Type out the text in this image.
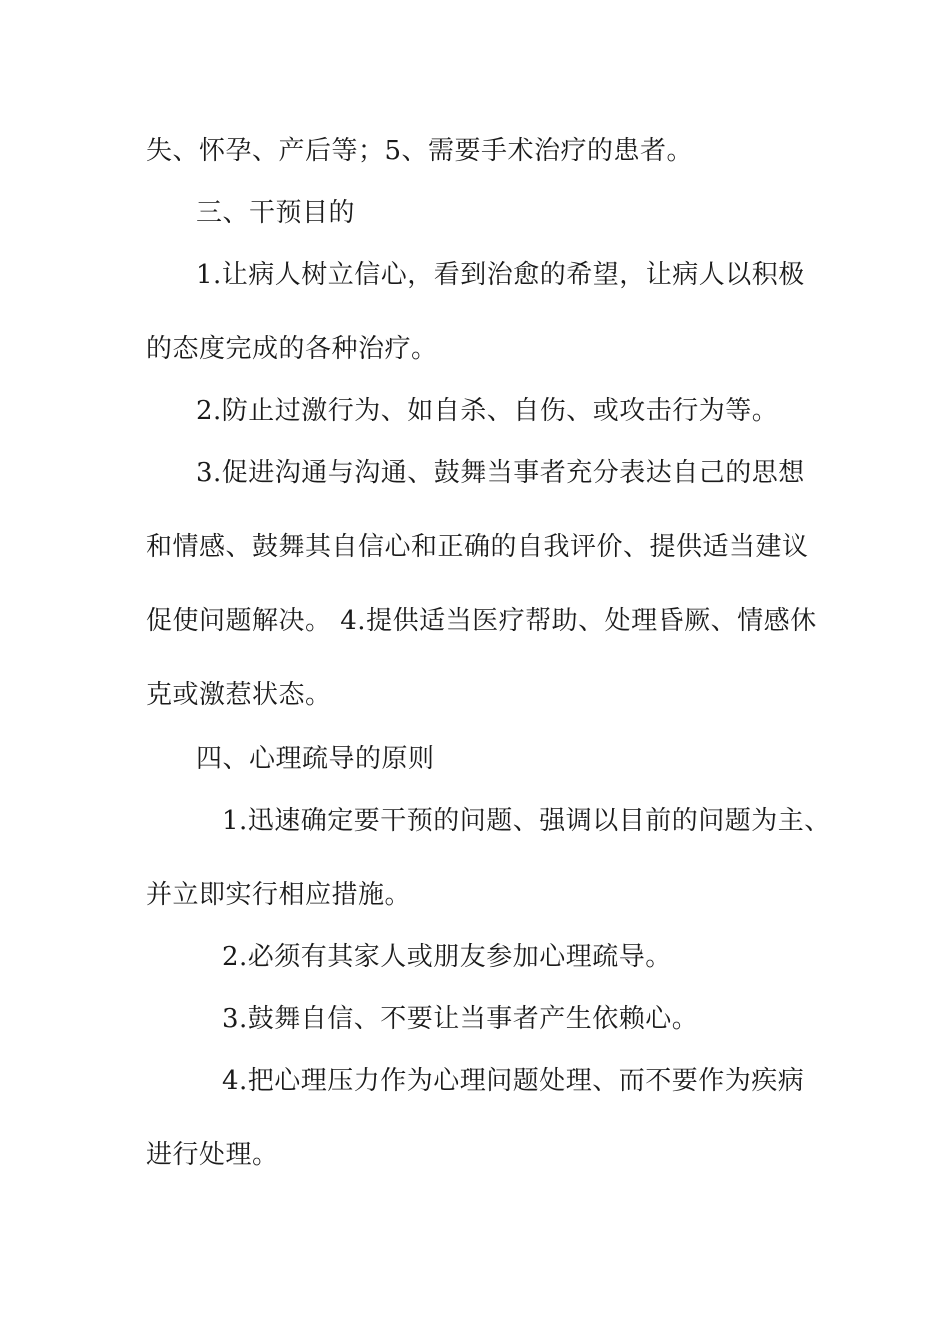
失、怀孕、产后等；5、需要手术治疗的患者。
三、干预目的
1.让病人树立信心，看到治愈的希望，让病人以积极
的态度完成的各种治疗。
2.防止过激行为、如自杀、自伤、或攻击行为等。
3.促进沟通与沟通、鼓舞当事者充分表达自己的思想
和情感、鼓舞其自信心和正确的自我评价、提供适当建议
促使问题解决。 4.提供适当医疗帮助、处理昏厥、情感休
克或激惹状态。
四、心理疏导的原则
1.迅速确定要干预的问题、强调以目前的问题为主、
并立即实行相应措施。
2.必须有其家人或朋友参加心理疏导。
3.鼓舞自信、不要让当事者产生依赖心。
4.把心理压力作为心理问题处理、而不要作为疾病
进行处理。
